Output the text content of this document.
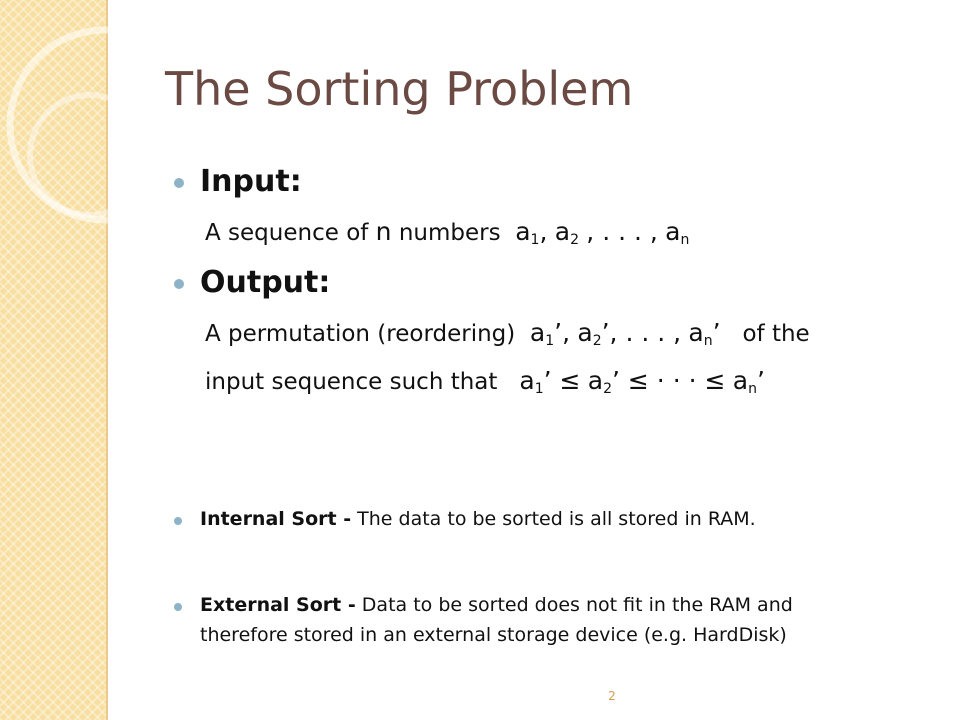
The Sorting Problem
Input:
A sequence of n numbers $a_1$, $a_2$ , . . . , $a_n$
Output:
A permutation (reordering) $a_1$’, $a_2$’, . . . , $a_n$’ of the
input sequence such that $a_1$’ ≤ $a_2$’ ≤ · · · ≤ $a_n$’
Internal Sort - The data to be sorted is all stored in RAM.
External Sort - Data to be sorted does not fit in the RAM and
therefore stored in an external storage device (e.g. HardDisk)
2
